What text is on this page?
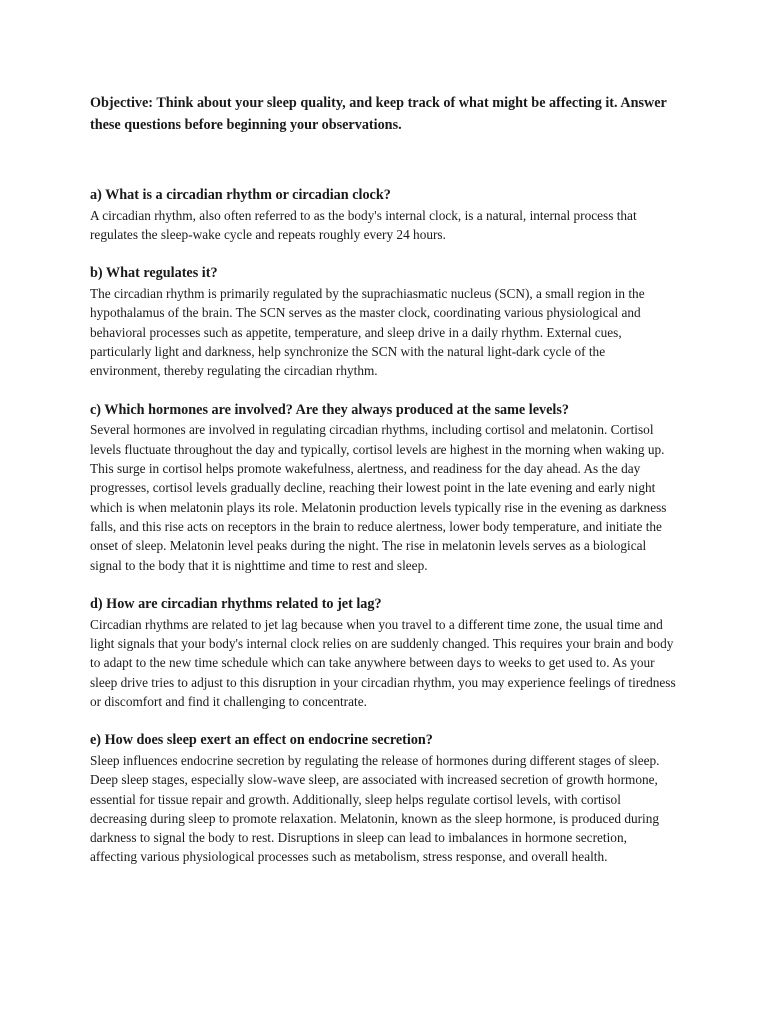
Objective: Think about your sleep quality, and keep track of what might be affecting it. Answer these questions before beginning your observations.

a) What is a circadian rhythm or circadian clock?

A circadian rhythm, also often referred to as the body's internal clock, is a natural, internal process that regulates the sleep-wake cycle and repeats roughly every 24 hours.

b) What regulates it?

The circadian rhythm is primarily regulated by the suprachiasmatic nucleus (SCN), a small region in the hypothalamus of the brain. The SCN serves as the master clock, coordinating various physiological and behavioral processes such as appetite, temperature, and sleep drive in a daily rhythm. External cues, particularly light and darkness, help synchronize the SCN with the natural light-dark cycle of the environment, thereby regulating the circadian rhythm.

c) Which hormones are involved? Are they always produced at the same levels?

Several hormones are involved in regulating circadian rhythms, including cortisol and melatonin. Cortisol levels fluctuate throughout the day and typically, cortisol levels are highest in the morning when waking up. This surge in cortisol helps promote wakefulness, alertness, and readiness for the day ahead. As the day progresses, cortisol levels gradually decline, reaching their lowest point in the late evening and early night which is when melatonin plays its role. Melatonin production levels typically rise in the evening as darkness falls, and this rise acts on receptors in the brain to reduce alertness, lower body temperature, and initiate the onset of sleep. Melatonin level peaks during the night. The rise in melatonin levels serves as a biological signal to the body that it is nighttime and time to rest and sleep.

d) How are circadian rhythms related to jet lag?

Circadian rhythms are related to jet lag because when you travel to a different time zone, the usual time and light signals that your body's internal clock relies on are suddenly changed. This requires your brain and body to adapt to the new time schedule which can take anywhere between days to weeks to get used to. As your sleep drive tries to adjust to this disruption in your circadian rhythm, you may experience feelings of tiredness or discomfort and find it challenging to concentrate.

e) How does sleep exert an effect on endocrine secretion?

Sleep influences endocrine secretion by regulating the release of hormones during different stages of sleep. Deep sleep stages, especially slow-wave sleep, are associated with increased secretion of growth hormone, essential for tissue repair and growth. Additionally, sleep helps regulate cortisol levels, with cortisol decreasing during sleep to promote relaxation. Melatonin, known as the sleep hormone, is produced during darkness to signal the body to rest. Disruptions in sleep can lead to imbalances in hormone secretion, affecting various physiological processes such as metabolism, stress response, and overall health.
